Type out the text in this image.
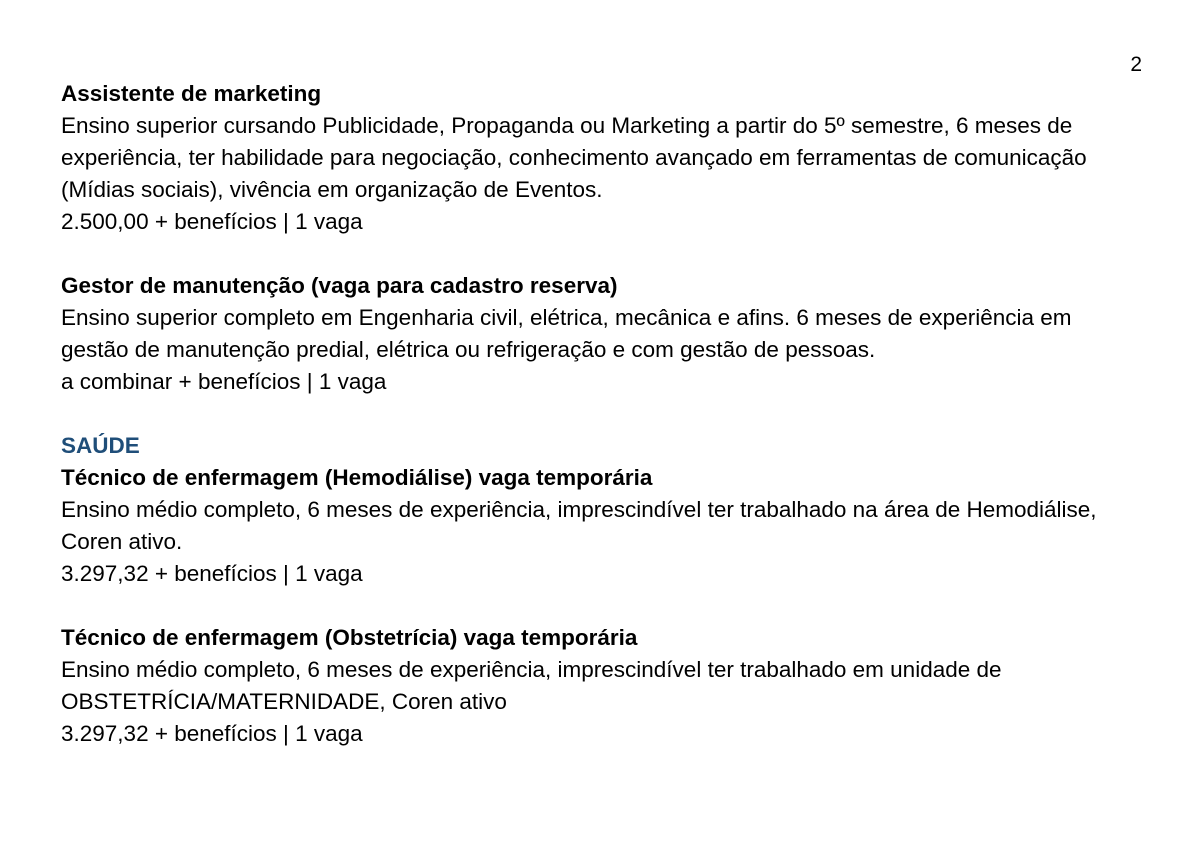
2

Assistente de marketing

Ensino superior cursando Publicidade, Propaganda ou Marketing a partir do 5º semestre, 6 meses de experiência, ter habilidade para negociação, conhecimento avançado em ferramentas de comunicação (Mídias sociais), vivência em organização de Eventos.

2.500,00 + benefícios | 1 vaga

Gestor de manutenção (vaga para cadastro reserva)

Ensino superior completo em Engenharia civil, elétrica, mecânica e afins. 6 meses de experiência em gestão de manutenção predial, elétrica ou refrigeração e com gestão de pessoas.

a combinar + benefícios | 1 vaga

SAÚDE

Técnico de enfermagem (Hemodiálise) vaga temporária

Ensino médio completo, 6 meses de experiência, imprescindível ter trabalhado na área de Hemodiálise, Coren ativo.

3.297,32 + benefícios | 1 vaga

Técnico de enfermagem (Obstetrícia) vaga temporária

Ensino médio completo, 6 meses de experiência, imprescindível ter trabalhado em unidade de OBSTETRÍCIA/MATERNIDADE, Coren ativo

3.297,32 + benefícios | 1 vaga
